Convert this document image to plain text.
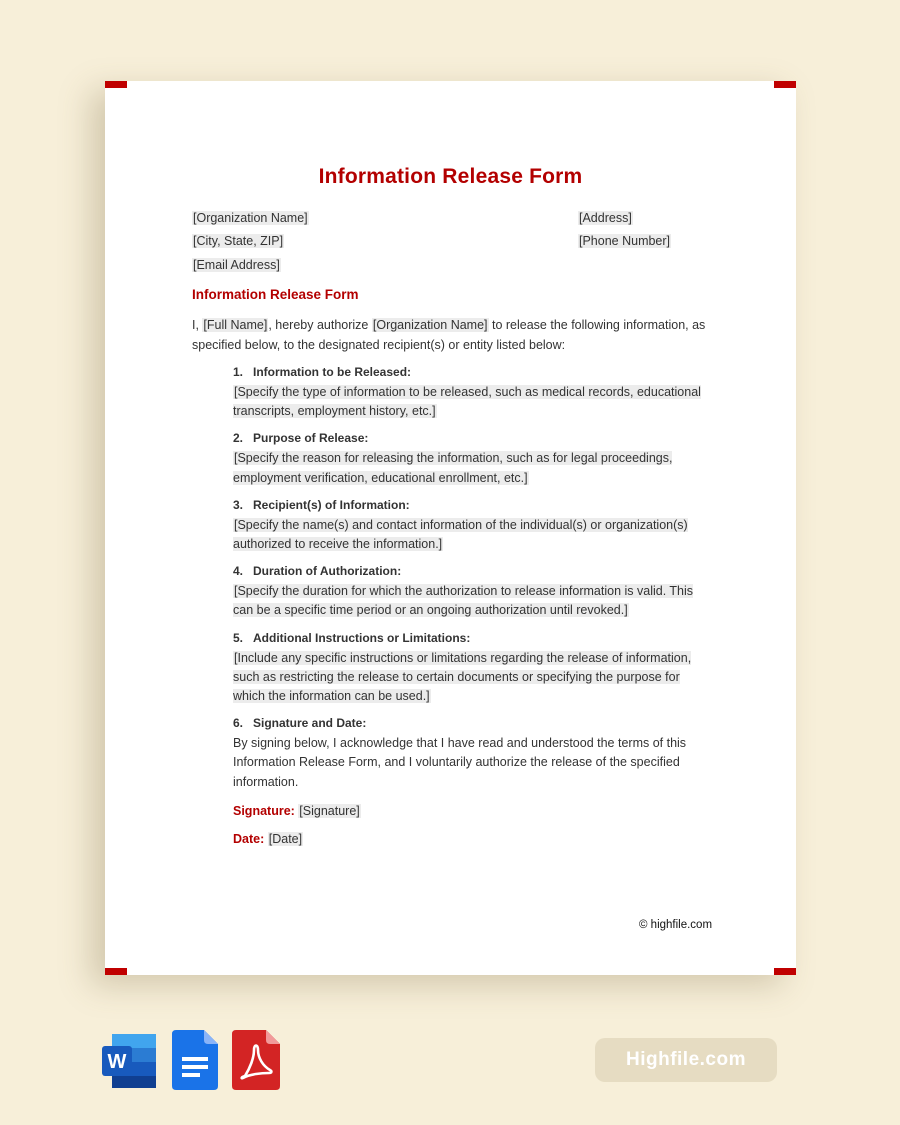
Information Release Form
[Organization Name]
[City, State, ZIP]
[Email Address]
[Address]
[Phone Number]
Information Release Form
I, [Full Name], hereby authorize [Organization Name] to release the following information, as specified below, to the designated recipient(s) or entity listed below:
1. Information to be Released:
[Specify the type of information to be released, such as medical records, educational transcripts, employment history, etc.]
2. Purpose of Release:
[Specify the reason for releasing the information, such as for legal proceedings, employment verification, educational enrollment, etc.]
3. Recipient(s) of Information:
[Specify the name(s) and contact information of the individual(s) or organization(s) authorized to receive the information.]
4. Duration of Authorization:
[Specify the duration for which the authorization to release information is valid. This can be a specific time period or an ongoing authorization until revoked.]
5. Additional Instructions or Limitations:
[Include any specific instructions or limitations regarding the release of information, such as restricting the release to certain documents or specifying the purpose for which the information can be used.]
6. Signature and Date:
By signing below, I acknowledge that I have read and understood the terms of this Information Release Form, and I voluntarily authorize the release of the specified information.
Signature: [Signature]
Date: [Date]
© highfile.com
W	Highfile.com
